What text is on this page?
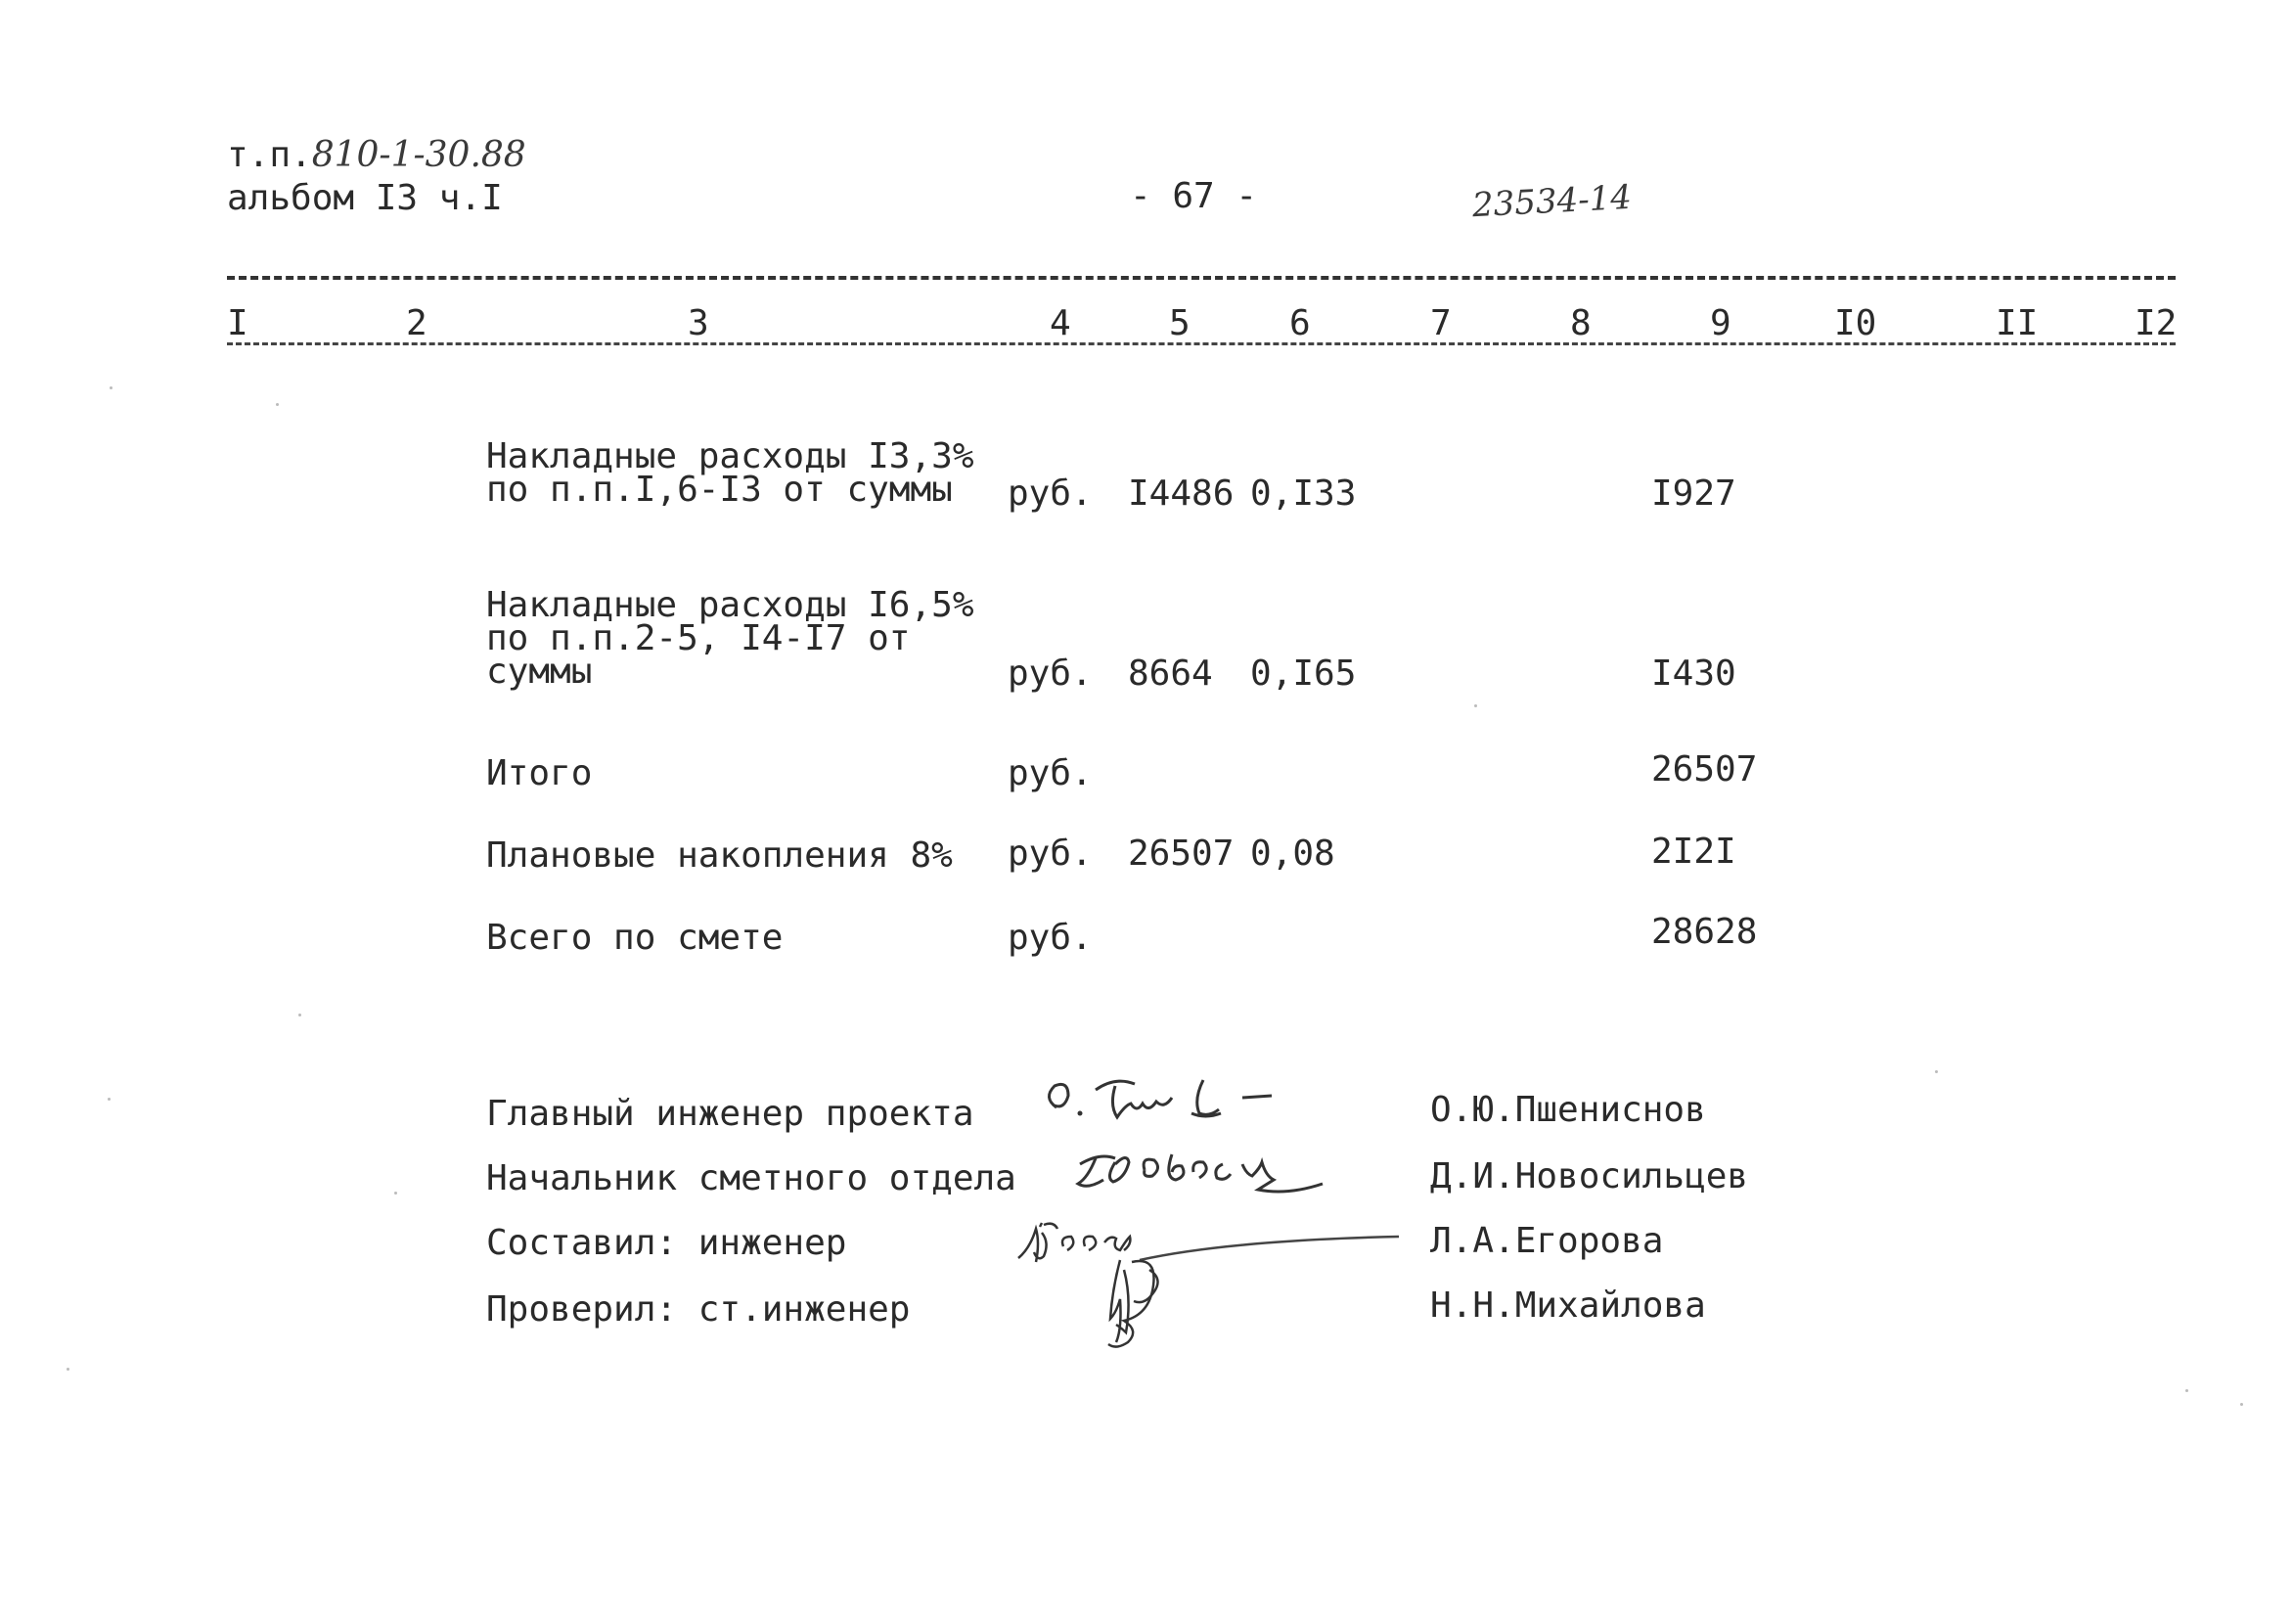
т.п.810-1-30.88
альбом I3 ч.I	- 67 -	23534-14
I	2	3	4	5	6	7	8	9	I0	II	I2
Накладные расходы I3,3%
по п.п.I,6-I3 от суммы руб. I4486 0,I33	I927
Накладные расходы I6,5%
по п.п.2-5, I4-I7 от
суммы	руб. 8664 0,I65	I430
Итого	руб.	26507
Плановые накопления 8% руб. 26507 0,08	2I2I
Всего по смете	руб.	28628
Главный инженер проекта	О.Ю.Пшениснов
Начальник сметного отдела	Д.И.Новосильцев
Составил: инженер	Л.А.Егорова
Проверил: ст.инженер	Н.Н.Михайлова
